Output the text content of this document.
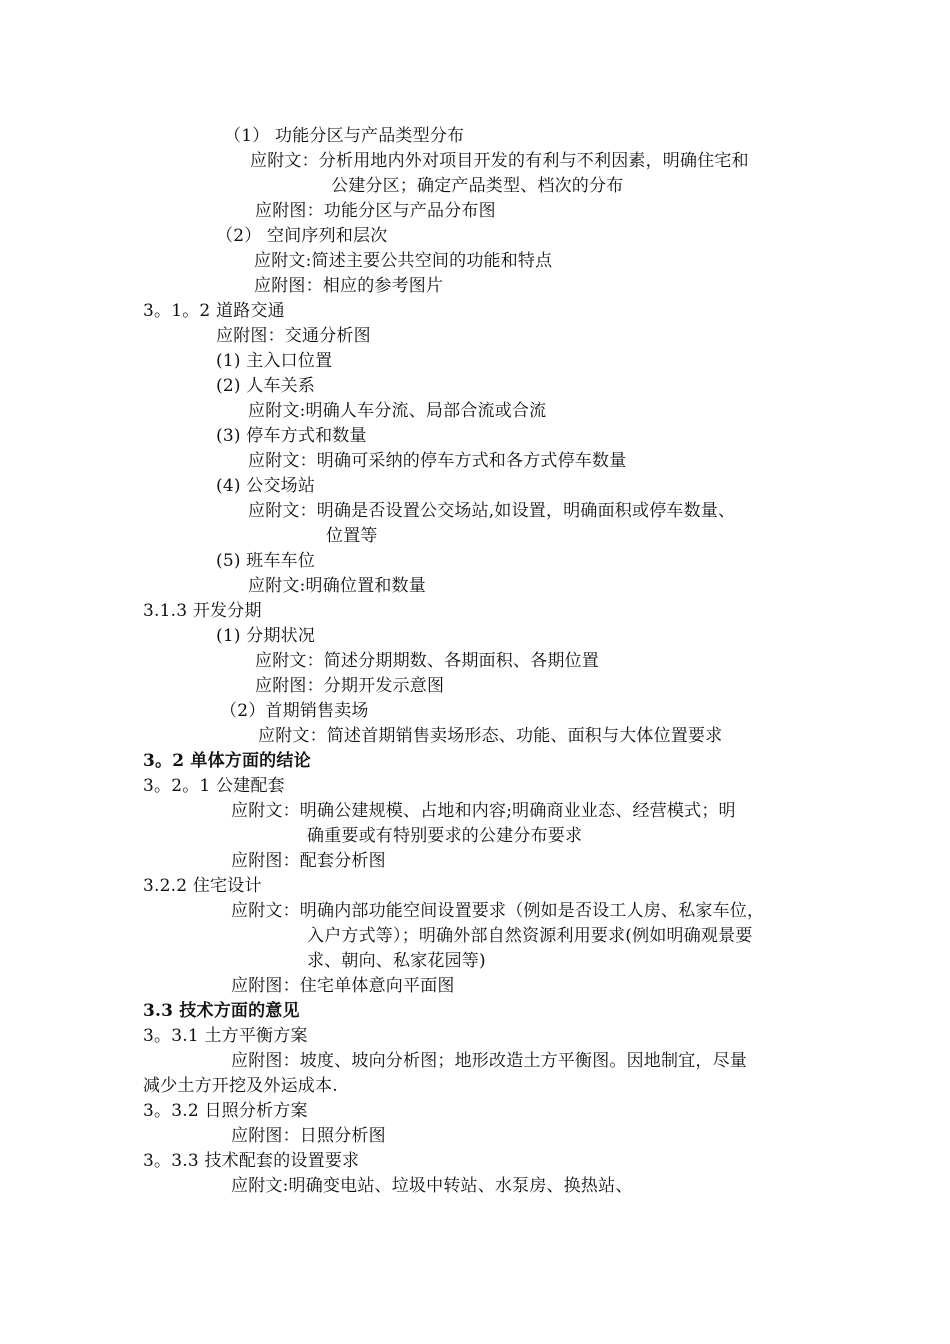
（1） 功能分区与产品类型分布
应附文：分析用地内外对项目开发的有利与不利因素，明确住宅和
公建分区；确定产品类型、档次的分布
应附图：功能分区与产品分布图
（2） 空间序列和层次
应附文:简述主要公共空间的功能和特点
应附图：相应的参考图片
3。1。2 道路交通
应附图：交通分析图
(1) 主入口位置
(2) 人车关系
应附文:明确人车分流、局部合流或合流
(3) 停车方式和数量
应附文：明确可采纳的停车方式和各方式停车数量
(4) 公交场站
应附文：明确是否设置公交场站,如设置，明确面积或停车数量、
位置等
(5) 班车车位
应附文:明确位置和数量
3.1.3 开发分期
(1) 分期状况
应附文：简述分期期数、各期面积、各期位置
应附图：分期开发示意图
（2）首期销售卖场
应附文：简述首期销售卖场形态、功能、面积与大体位置要求
3。2 单体方面的结论
3。2。1 公建配套
应附文：明确公建规模、占地和内容;明确商业业态、经营模式；明
确重要或有特别要求的公建分布要求
应附图：配套分析图
3.2.2 住宅设计
应附文：明确内部功能空间设置要求（例如是否设工人房、私家车位，
入户方式等）；明确外部自然资源利用要求(例如明确观景要
求、朝向、私家花园等)
应附图：住宅单体意向平面图
3.3 技术方面的意见
3。3.1 土方平衡方案
应附图：坡度、坡向分析图；地形改造土方平衡图。因地制宜，尽量
减少土方开挖及外运成本.
3。3.2 日照分析方案
应附图：日照分析图
3。3.3 技术配套的设置要求
应附文:明确变电站、垃圾中转站、水泵房、换热站、
